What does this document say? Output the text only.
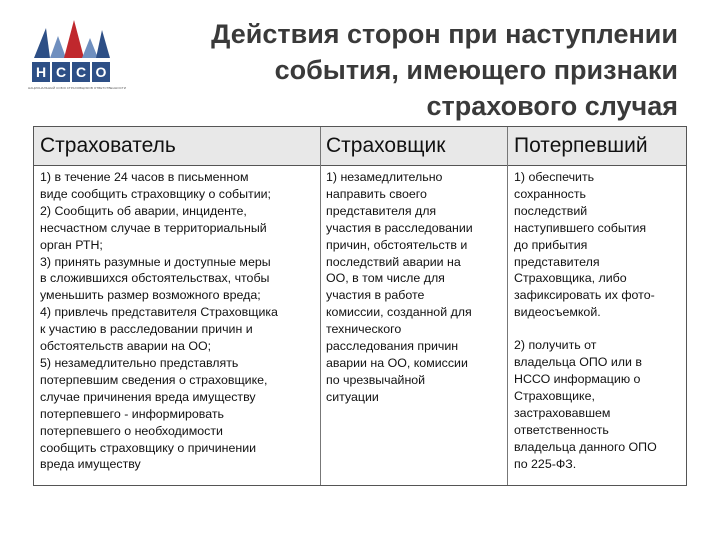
Н С С О
НАЦИОНАЛЬНЫЙ СОЮЗ СТРАХОВЩИКОВ ОТВЕТСТВЕННОСТИ
Действия сторон при наступлении
события, имеющего признаки
страхового случая
Страхователь	Страховщик	Потерпевший

1) в течение 24 часов в письменном

виде сообщить страховщику о событии;

2) Сообщить об аварии, инциденте,

несчастном случае в территориальный

орган РТН;

3) принять разумные и доступные меры

в сложившихся обстоятельствах, чтобы

уменьшить размер возможного вреда;

4) привлечь представителя Страховщика

к участию в расследовании причин и

обстоятельств аварии на ОО;

5) незамедлительно представлять

потерпевшим сведения о страховщике,

случае причинения вреда имуществу

потерпевшего - информировать

потерпевшего о необходимости

сообщить страховщику о причинении

вреда имуществу

1) незамедлительно

направить своего

представителя для

участия в расследовании

причин, обстоятельств и

последствий аварии на

ОО, в том числе для

участия в работе

комиссии, созданной для

технического

расследования причин

аварии на ОО, комиссии

по чрезвычайной

ситуации

1) обеспечить

сохранность

последствий

наступившего события

до прибытия

представителя

Страховщика, либо

зафиксировать их фото-

видеосъемкой.

2) получить от

владельца ОПО или в

НССО информацию о

Страховщике,

застраховавшем

ответственность

владельца данного ОПО

по 225-ФЗ.
